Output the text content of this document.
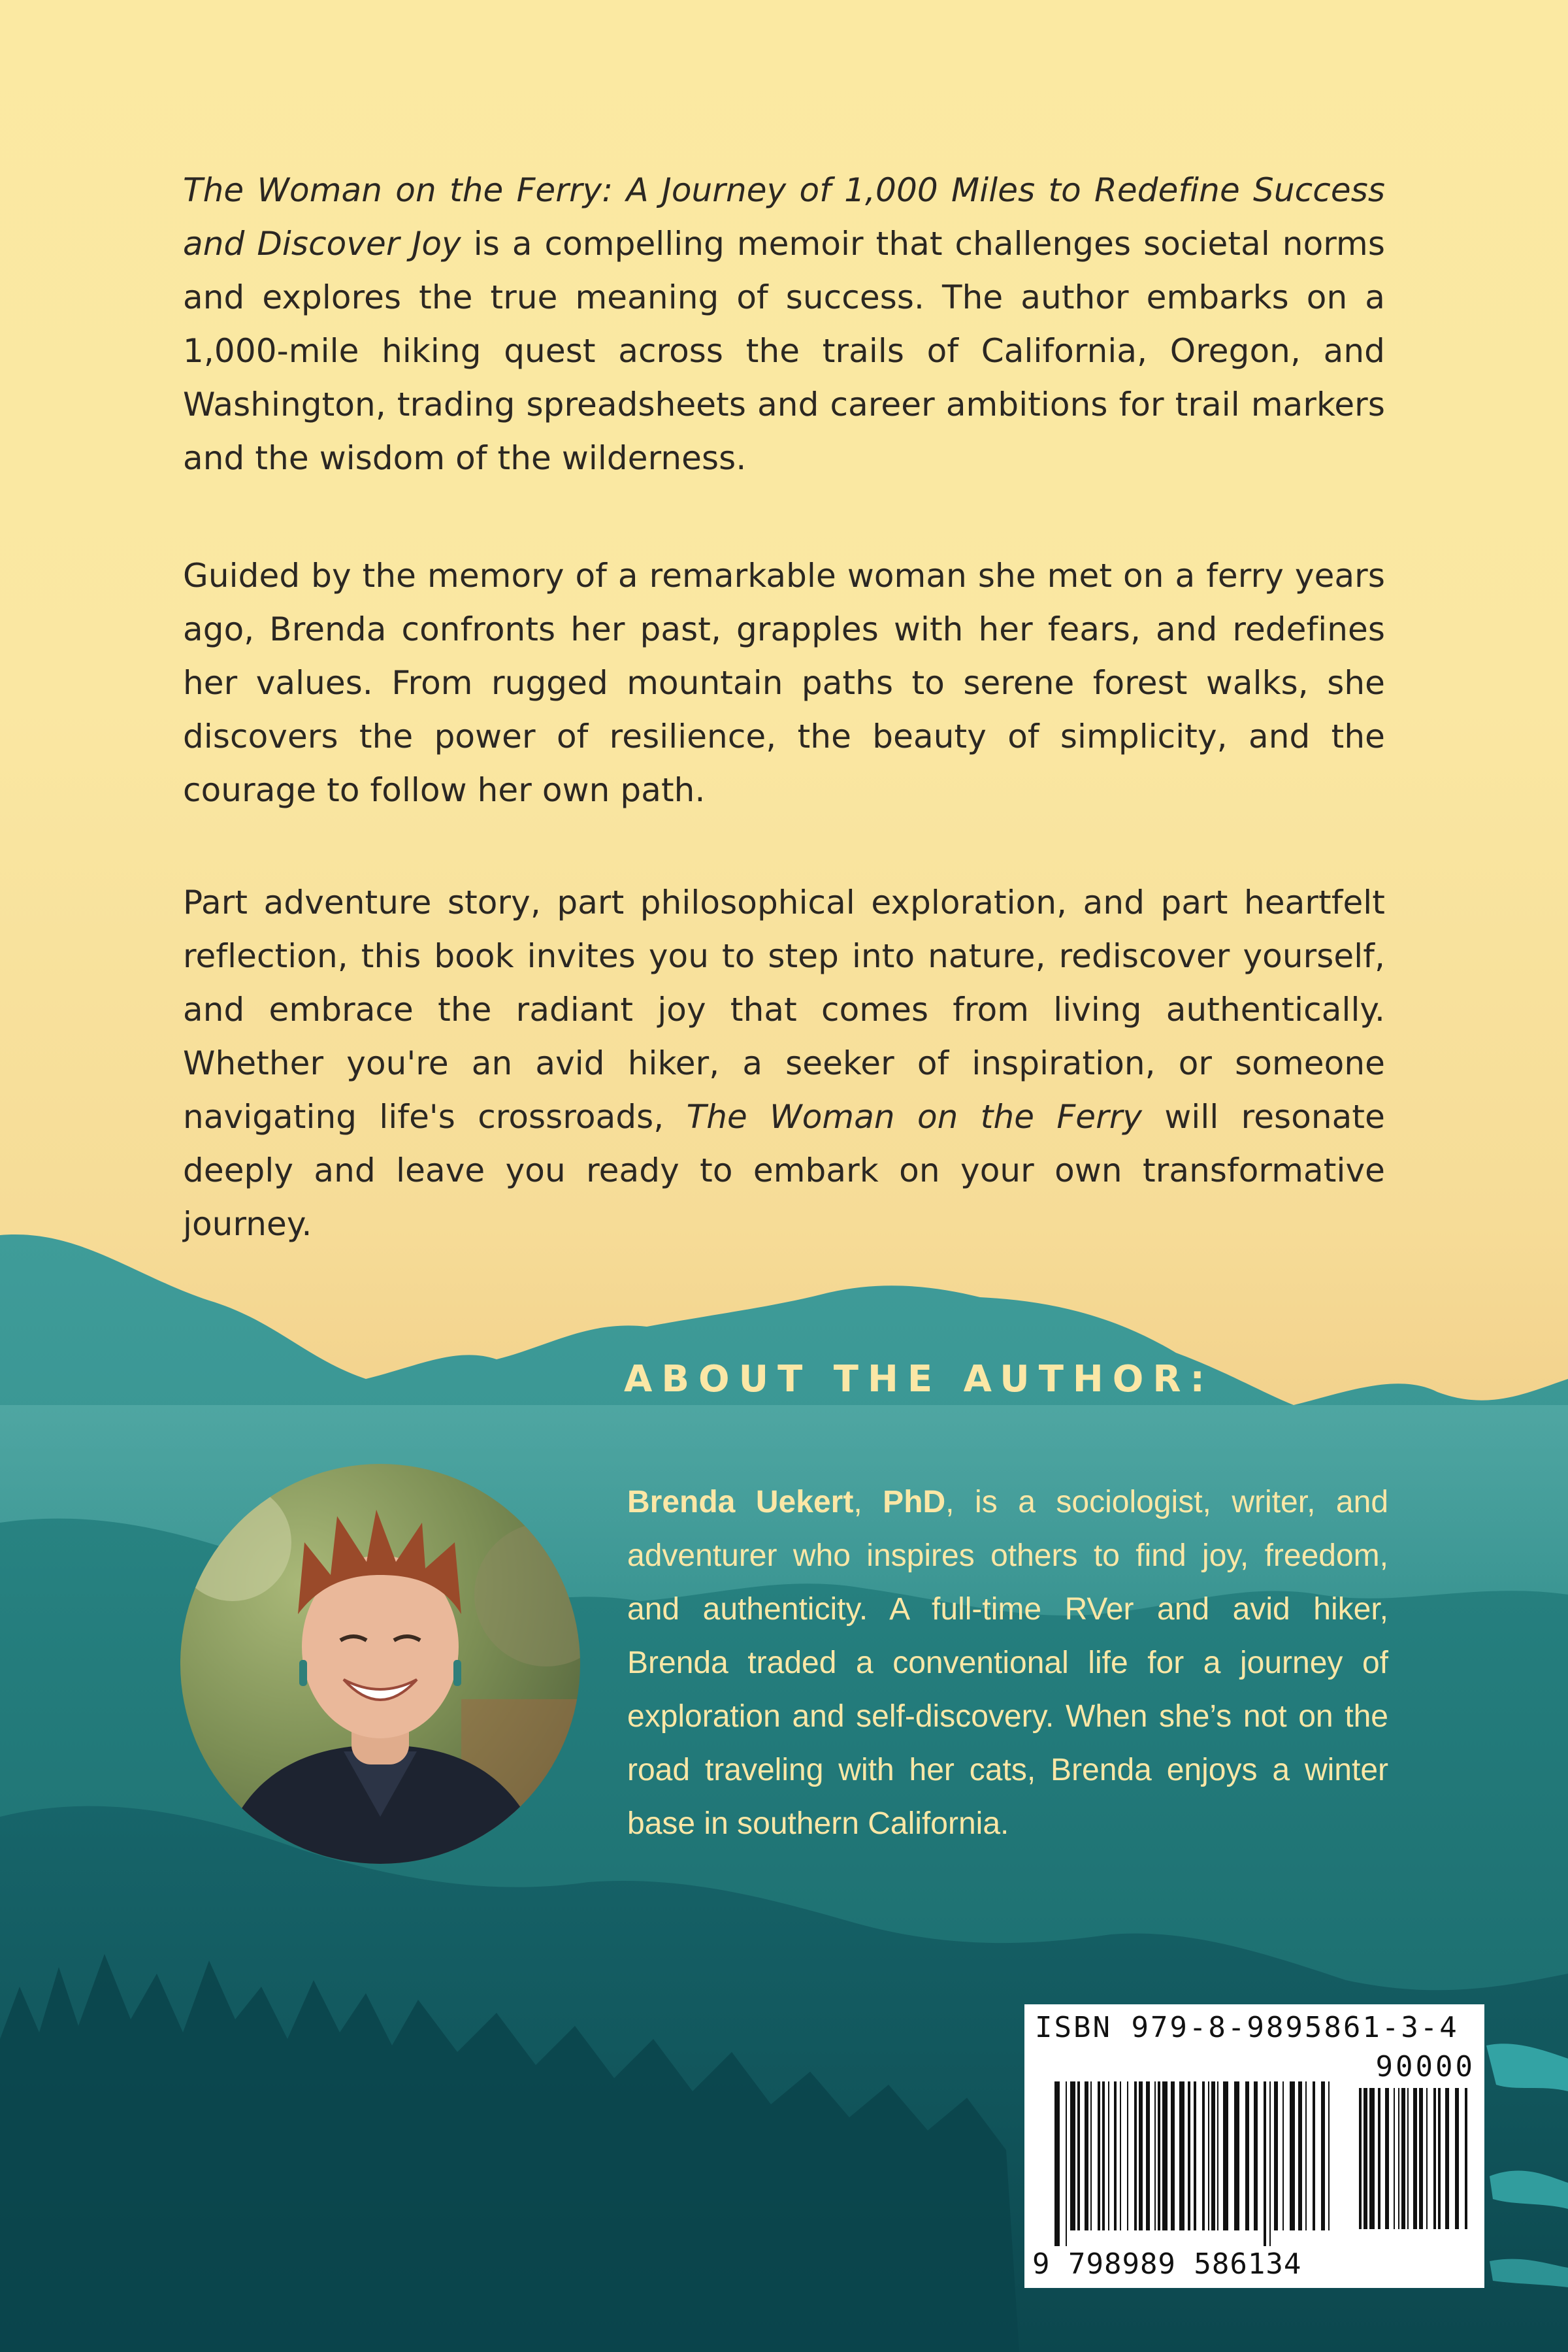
The Woman on the Ferry: A Journey of 1,000 Miles to Redefine Success and Discover Joy is a compelling memoir that challenges societal norms and explores the true meaning of success. The author embarks on a 1,000-mile hiking quest across the trails of California, Oregon, and Washington, trading spreadsheets and career ambitions for trail markers and the wisdom of the wilderness.

Guided by the memory of a remarkable woman she met on a ferry years ago, Brenda confronts her past, grapples with her fears, and redefines her values. From rugged mountain paths to serene forest walks, she discovers the power of resilience, the beauty of simplicity, and the courage to follow her own path.

Part adventure story, part philosophical exploration, and part heartfelt reflection, this book invites you to step into nature, rediscover yourself, and embrace the radiant joy that comes from living authentically. Whether you're an avid hiker, a seeker of inspiration, or someone navigating life's crossroads, The Woman on the Ferry will resonate deeply and leave you ready to embark on your own transformative journey.

ABOUT THE AUTHOR:

Brenda Uekert, PhD, is a sociologist, writer, and adventurer who inspires others to find joy, freedom, and authenticity. A full-time RVer and avid hiker, Brenda traded a conventional life for a journey of exploration and self-discovery. When she’s not on the road traveling with her cats, Brenda enjoys a winter base in southern California.

ISBN 979-8-9895861-3-4
90000
9 798989 586134
